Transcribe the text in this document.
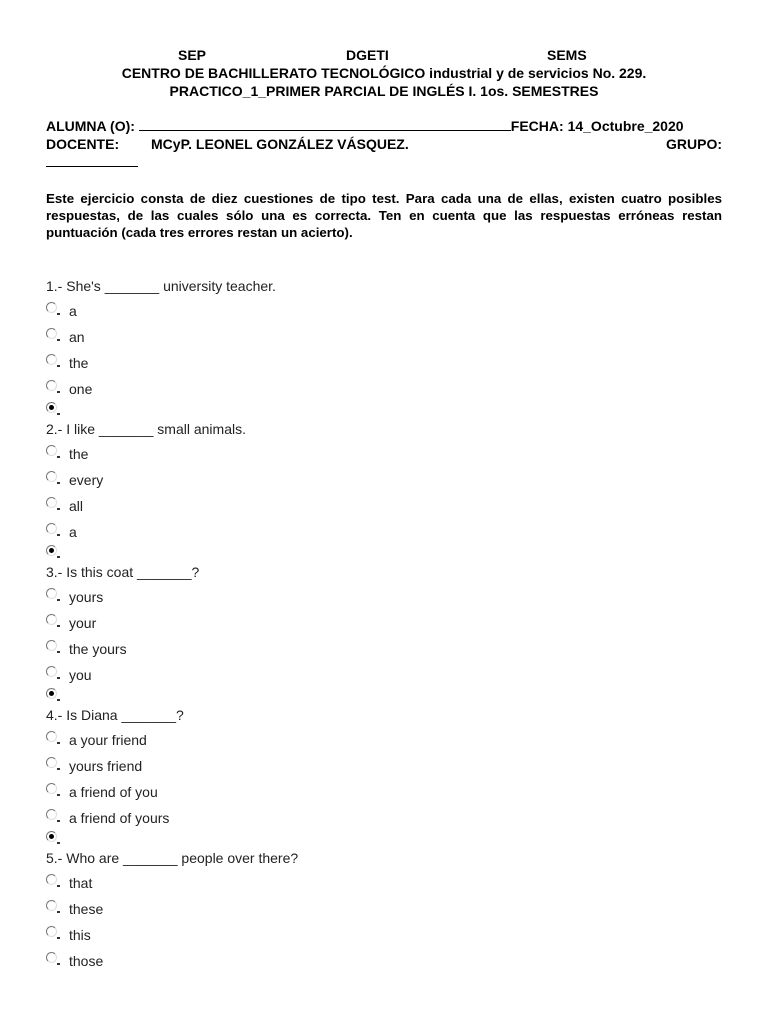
SEP	DGETI	SEMS
CENTRO DE BACHILLERATO TECNOLÓGICO industrial y de servicios No. 229.
PRACTICO_1_PRIMER PARCIAL DE INGLÉS I. 1os. SEMESTRES
ALUMNA (O):	FECHA: 14_Octubre_2020
DOCENTE: MCyP. LEONEL GONZÁLEZ VÁSQUEZ.	GRUPO:
Este ejercicio consta de diez cuestiones de tipo test. Para cada una de ellas, existen cuatro posibles respuestas, de las cuales sólo una es correcta. Ten en cuenta que las respuestas erróneas restan puntuación (cada tres errores restan un acierto).
1.- She's _______ university teacher.
a
an
the
one
2.- I like _______ small animals.
the
every
all
a
3.- Is this coat _______?
yours
your
the yours
you
4.- Is Diana _______?
a your friend
yours friend
a friend of you
a friend of yours
5.- Who are _______ people over there?
that
these
this
those
